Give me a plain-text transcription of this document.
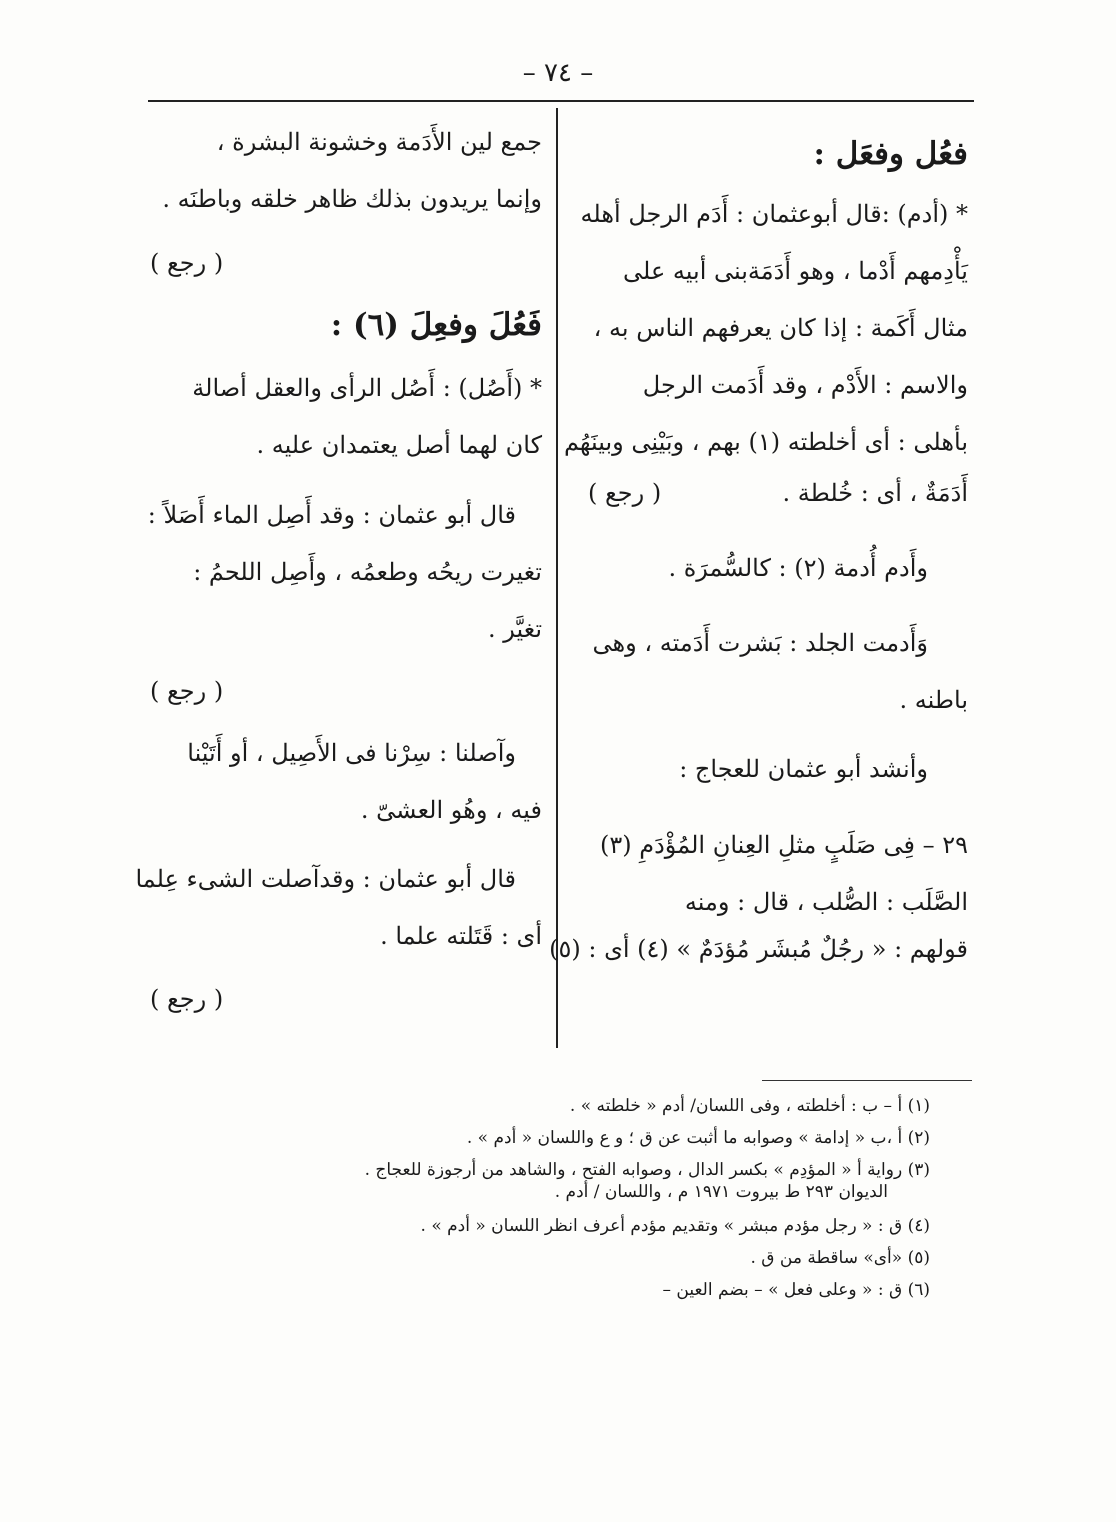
– ٧٤ –
فعُل وفعَل :
* (أدم) :قال أبوعثمان : أَدَم الرجل أهله
يَأْدِمهم أَدْما ، وهو أَدَمَةبنى أبيه على
مثال أَكَمة : إذا كان يعرفهم الناس به ،
والاسم : الأَدْم ، وقد أَدَمت الرجل
بأهلى : أى أخلطته (١) بهم ، وبَيْنِى وبينَهُم
أَدَمَةٌ ، أى : خُلطة .
( رجع )
وأَدم أُدمة (٢) : كالسُّمرَة .
وَأَدمت الجلد : بَشرت أَدَمته ، وهى
باطنه .
وأنشد أبو عثمان للعجاج :
٢٩ – فِى صَلَبٍ مثلِ العِنانِ المُؤْدَمِ (٣)
الصَّلَب : الصُّلب ، قال : ومنه
قولهم : « رجُلٌ مُبشَر مُؤدَمٌ » (٤) أى : (٥)
جمع لين الأَدَمة وخشونة البشرة ،
وإنما يريدون بذلك ظاهر خلقه وباطنَه .
( رجع )
فَعُلَ وفعِلَ (٦) :
* (أَصُل) : أَصُل الرأى والعقل أصالة
كان لهما أصل يعتمدان عليه .
قال أبو عثمان : وقد أَصِل الماء أَصَلاً :
تغيرت ريحُه وطعمُه ، وأَصِل اللحمُ :
تغيَّر .
( رجع )
وآصلنا : سِرْنا فى الأَصِيل ، أو أَتَيْنا
فيه ، وهُو العشىّ .
قال أبو عثمان : وقدآصلت الشىء عِلما
أى : قَتَلته علما .
( رجع )
(١) أ – ب : أخلطته ، وفى اللسان/ أدم « خلطته » .
(٢) أ ،ب « إدامة » وصوابه ما أثبت عن ق ؛ و ع واللسان « أدم » .
(٣) رواية أ « المؤدِم » بكسر الدال ، وصوابه الفتح ، والشاهد من أرجوزة للعجاج .
الديوان ٢٩٣ ط بيروت ١٩٧١ م ، واللسان / أدم .
(٤) ق : « رجل مؤدم مبشر » وتقديم مؤدم أعرف انظر اللسان « أدم » .
(٥) «أى» ساقطة من ق .
(٦) ق : « وعلى فعل » – بضم العين –
